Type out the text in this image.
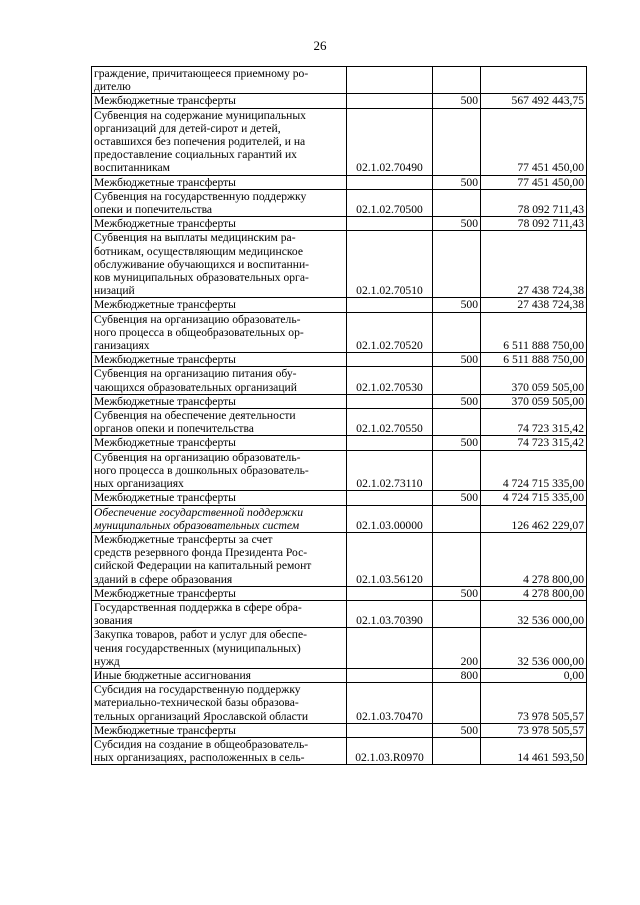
26
граждение, причитающееся приемному ро-
дителю			
Межбюджетные трансферты		500	567 492 443,75
Субвенция на содержание муниципальных
организаций для детей-сирот и детей,
оставшихся без попечения родителей, и на
предоставление социальных гарантий их
воспитанникам	02.1.02.70490		77 451 450,00
Межбюджетные трансферты		500	77 451 450,00
Субвенция на государственную поддержку
опеки и попечительства	02.1.02.70500		78 092 711,43
Межбюджетные трансферты		500	78 092 711,43
Субвенция на выплаты медицинским ра-
ботникам, осуществляющим медицинское
обслуживание обучающихся и воспитанни-
ков муниципальных образовательных орга-
низаций	02.1.02.70510		27 438 724,38
Межбюджетные трансферты		500	27 438 724,38
Субвенция на организацию образователь-
ного процесса в общеобразовательных ор-
ганизациях	02.1.02.70520		6 511 888 750,00
Межбюджетные трансферты		500	6 511 888 750,00
Субвенция на организацию питания обу-
чающихся образовательных организаций	02.1.02.70530		370 059 505,00
Межбюджетные трансферты		500	370 059 505,00
Субвенция на обеспечение деятельности
органов опеки и попечительства	02.1.02.70550		74 723 315,42
Межбюджетные трансферты		500	74 723 315,42
Субвенция на организацию образователь-
ного процесса в дошкольных образователь-
ных организациях	02.1.02.73110		4 724 715 335,00
Межбюджетные трансферты		500	4 724 715 335,00
Обеспечение государственной поддержки
муниципальных образовательных систем	02.1.03.00000		126 462 229,07
Межбюджетные трансферты за счет
средств резервного фонда Президента Рос-
сийской Федерации на капитальный ремонт
зданий в сфере образования	02.1.03.56120		4 278 800,00
Межбюджетные трансферты		500	4 278 800,00
Государственная поддержка в сфере обра-
зования	02.1.03.70390		32 536 000,00
Закупка товаров, работ и услуг для обеспе-
чения государственных (муниципальных)
нужд		200	32 536 000,00
Иные бюджетные ассигнования		800	0,00
Субсидия на государственную поддержку
материально-технической базы образова-
тельных организаций Ярославской области	02.1.03.70470		73 978 505,57
Межбюджетные трансферты		500	73 978 505,57
Субсидия на создание в общеобразователь-
ных организациях, расположенных в сель-	02.1.03.R0970		14 461 593,50
